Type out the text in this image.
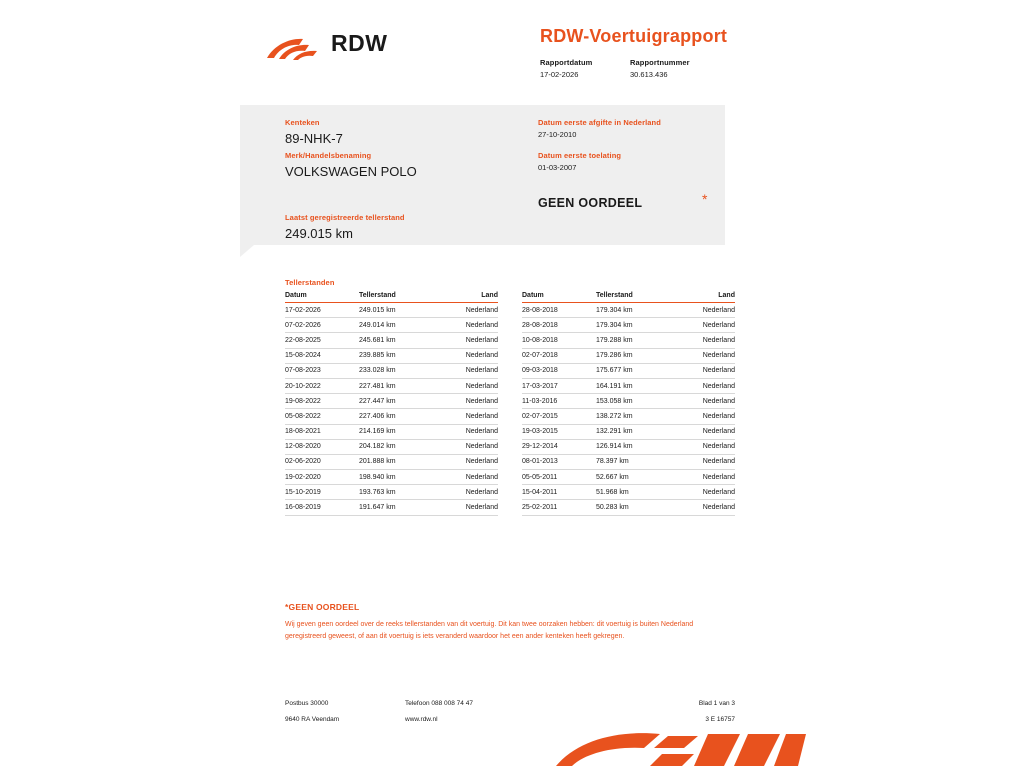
RDW	RDW-Voertuigrapport
Rapportdatum
17-02-2026
Rapportnummer
30.613.436
Kenteken
89-NHK-7
Merk/Handelsbenaming
VOLKSWAGEN POLO
Laatst geregistreerde tellerstand
249.015 km
Datum eerste afgifte in Nederland
27-10-2010
Datum eerste toelating
01-03-2007
GEEN OORDEEL	*
Tellerstanden
Datum	Tellerstand	Land
17-02-2026	249.015 km	Nederland
07-02-2026	249.014 km	Nederland
22-08-2025	245.681 km	Nederland
15-08-2024	239.885 km	Nederland
07-08-2023	233.028 km	Nederland
20-10-2022	227.481 km	Nederland
19-08-2022	227.447 km	Nederland
05-08-2022	227.406 km	Nederland
18-08-2021	214.169 km	Nederland
12-08-2020	204.182 km	Nederland
02-06-2020	201.888 km	Nederland
19-02-2020	198.940 km	Nederland
15-10-2019	193.763 km	Nederland
16-08-2019	191.647 km	Nederland
Datum	Tellerstand	Land
28-08-2018	179.304 km	Nederland
28-08-2018	179.304 km	Nederland
10-08-2018	179.288 km	Nederland
02-07-2018	179.286 km	Nederland
09-03-2018	175.677 km	Nederland
17-03-2017	164.191 km	Nederland
11-03-2016	153.058 km	Nederland
02-07-2015	138.272 km	Nederland
19-03-2015	132.291 km	Nederland
29-12-2014	126.914 km	Nederland
08-01-2013	78.397 km	Nederland
05-05-2011	52.667 km	Nederland
15-04-2011	51.968 km	Nederland
25-02-2011	50.283 km	Nederland
*GEEN OORDEEL
Wij geven geen oordeel over de reeks tellerstanden van dit voertuig. Dit kan twee oorzaken hebben: dit voertuig is buiten Nederland geregistreerd geweest, of aan dit voertuig is iets veranderd waardoor het een ander kenteken heeft gekregen.
Postbus 30000
9640 RA Veendam
Telefoon 088 008 74 47
www.rdw.nl
Blad 1 van 3
3 E 16757
